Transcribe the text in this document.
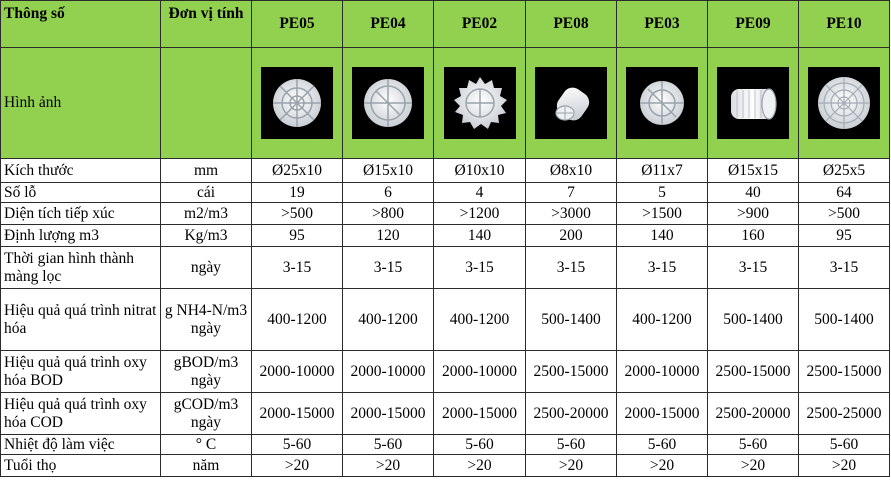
Thông số	Đơn vị tính	PE05	PE04	PE02	PE08	PE03	PE09	PE10
Hình ảnh		

Kích thước	mm	Ø25x10	Ø15x10	Ø10x10	Ø8x10	Ø11x7	Ø15x15	Ø25x5
Số lỗ	cái	19	6	4	7	5	40	64
Diện tích tiếp xúc	m2/m3	>500	>800	>1200	>3000	>1500	>900	>500
Định lượng m3	Kg/m3	95	120	140	200	140	160	95
Thời gian hình thành màng lọc	ngày	3-15	3-15	3-15	3-15	3-15	3-15	3-15
Hiệu quả quá trình nitrat hóa	g NH4-N/m3 ngày	400-1200	400-1200	400-1200	500-1400	400-1200	500-1400	500-1400
Hiệu quả quá trình oxy hóa BOD	gBOD/m3 ngày	2000-10000	2000-10000	2000-10000	2500-15000	2000-10000	2500-15000	2500-15000
Hiệu quả quá trình oxy hóa COD	gCOD/m3 ngày	2000-15000	2000-15000	2000-15000	2500-20000	2000-15000	2500-20000	2500-25000
Nhiệt độ làm việc	° C	5-60	5-60	5-60	5-60	5-60	5-60	5-60
Tuổi thọ	năm	>20	>20	>20	>20	>20	>20	>20
